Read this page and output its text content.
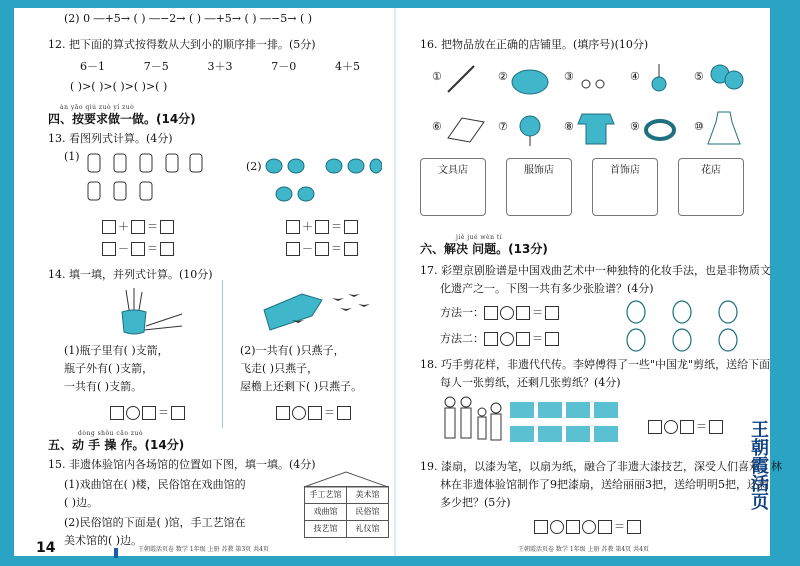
(2) 0 ―+5→ ( ) ―−2→ ( ) ―+5→ ( ) ―−5→ ( )
12. 把下面的算式按得数从大到小的顺序排一排。(5分)
6－1	7－5	3＋3	7－0	4＋5
( )>( )>( )>( )>( )
àn yāo qiú zuò yí zuò
四、按要求做一做。(14分)
13. 看图列式计算。(4分)
(1)
＋ ＝
－ ＝
(2)
＋ ＝
－ ＝
14. 填一填，并列式计算。(10分)
(1)瓶子里有( )支箭，
瓶子外有( )支箭，
一共有( )支箭。
(2)一共有( )只燕子，
飞走( )只燕子，
屋檐上还剩下( )只燕子。
＝	＝
dòng shǒu cāo zuò
五、动 手 操 作。(14分)
15. 非遗体验馆内各场馆的位置如下图，填一填。(4分)
(1)戏曲馆在( )楼，民俗馆在戏曲馆的
( )边。
(2)民俗馆的下面是( )馆，手工艺馆在
美术馆的( )边。
手工艺馆	美术馆
戏曲馆	民俗馆
技艺馆	礼仪馆
14	王朝霞活页卷 数学 1年级 上册 苏教 第3页 共4页
16. 把物品放在正确的店铺里。(填序号)(10分)
①	②	③	④	⑤
⑥	⑦	⑧	⑨	⑩
文具店	服饰店	首饰店	花店
jiě jué wèn tí
六、解决 问题。(13分)
17. 彩塑京剧脸谱是中国戏曲艺术中一种独特的化妆手法，也是非物质文
化遗产之一。下图一共有多少张脸谱？(4分)
方法一：	＝
方法二：	＝
18. 巧手剪花样，非遗代代传。李婷傅得了一些"中国龙"剪纸，送给下面
每人一张剪纸，还剩几张剪纸？(4分)
＝
19. 漆扇，以漆为笔，以扇为纸，融合了非遗大漆技艺，深受人们喜欢。林
林在非遗体验馆制作了9把漆扇，送给丽丽3把，送给明明5把，还剩
多少把？(5分)
＝
王朝霞活页卷 数学 1年级 上册 苏教 第4页 共4页
王朝霞活页
